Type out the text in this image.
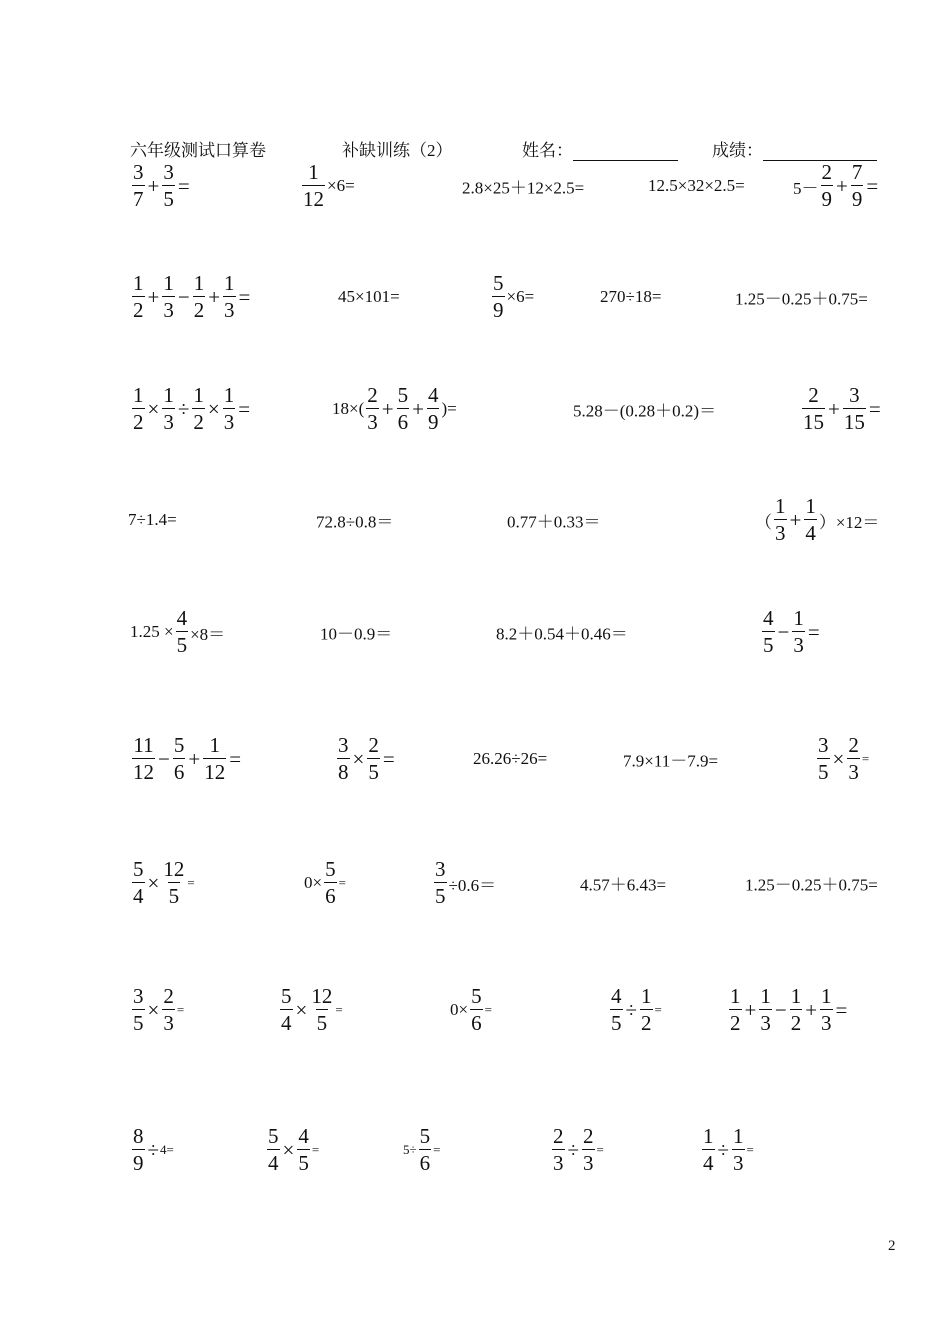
六年级测试口算卷	补缺训练（2）	姓名：	成绩：
$\frac{3}{7} + \frac{3}{5}$ =	$\frac{1}{12} \times 6=$	2.8×25＋12×2.5=	12.5×32×2.5=	$5- \frac{2}{9} + \frac{7}{9}$ =
$\frac{1}{2} + \frac{1}{3} - \frac{1}{2} + \frac{1}{3}$ =	45×101=	$\frac{5}{9} \times 6=$	270÷18=	1.25－0.25＋0.75=
$\frac{1}{2} \times \frac{1}{3} \div \frac{1}{2} \times \frac{1}{3}$ =	$18\times( \frac{2}{3} + \frac{5}{6} + \frac{4}{9}$ )=	5.28－(0.28＋0.2)＝	$\frac{2}{15} + \frac{3}{15}$ =
7÷1.4=	72.8÷0.8＝	0.77＋0.33＝	（ $\frac{1}{3} + \frac{1}{4} )\times 12=$
$1.25 \times \frac{4}{5} \times 8=$	10－0.9＝	8.2＋0.54＋0.46＝	$\frac{4}{5} - \frac{1}{3}$ =
$\frac{11}{12} - \frac{5}{6} + \frac{1}{12}$ =	$\frac{3}{8} \times \frac{2}{5}$ =	26.26÷26=	7.9×11－7.9=	$\frac{3}{5} \times \frac{2}{3}$ =
$\frac{5}{4} \times \frac{12}{5}$ =	$0\times \frac{5}{6}$ =	$\frac{3}{5} \div 0.6=$	4.57＋6.43=	1.25－0.25＋0.75=
$\frac{3}{5} \times \frac{2}{3}$ =	$\frac{5}{4} \times \frac{12}{5}$ =	$0\times \frac{5}{6}$ =	$\frac{4}{5} \div \frac{1}{2}$ =	$\frac{1}{2} + \frac{1}{3} - \frac{1}{2} + \frac{1}{3}$ =
$\frac{8}{9} \div 4=$	$\frac{5}{4} \times \frac{4}{5}$ =	$5\div \frac{5}{6}$ =	$\frac{2}{3} \div \frac{2}{3}$ =	$\frac{1}{4} \div \frac{1}{3}$ =
2
